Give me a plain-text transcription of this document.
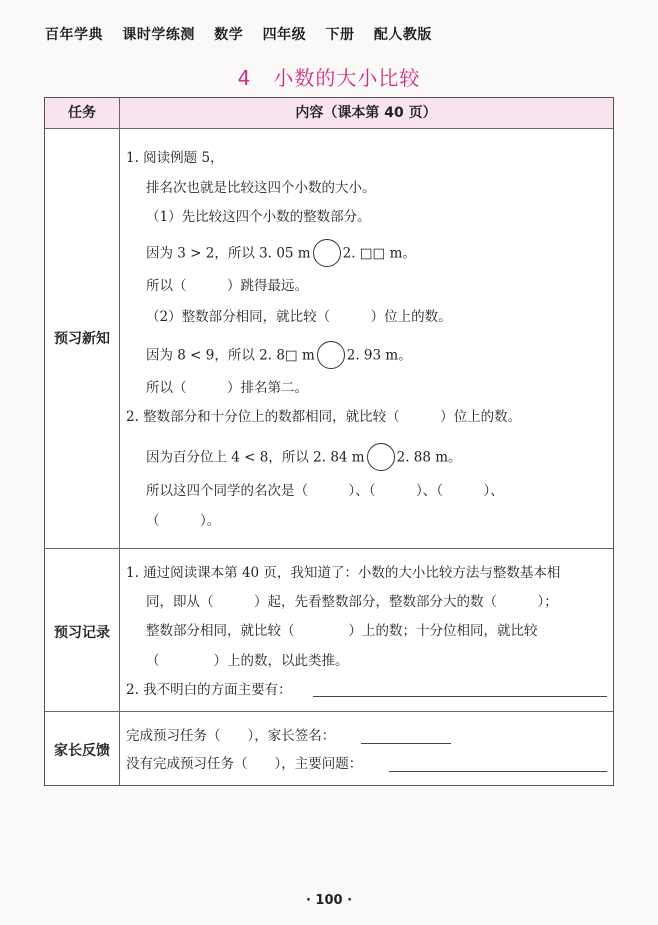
百年学典 课时学练测 数学 四年级 下册 配人教版
4 小数的大小比较
任务	内容（课本第 40 页）
预习新知
1. 阅读例题 5，
排名次也就是比较这四个小数的大小。
（1）先比较这四个小数的整数部分。
因为 3 > 2，所以 3. 05 m 2. □□ m。
所以（　　　）跳得最远。
（2）整数部分相同，就比较（　　　）位上的数。
因为 8 < 9，所以 2. 8□ m 2. 93 m。
所以（　　　）排名第二。
2. 整数部分和十分位上的数都相同，就比较（　　　）位上的数。
因为百分位上 4 < 8，所以 2. 84 m 2. 88 m。
所以这四个同学的名次是（　　　）、（　　　）、（　　　）、
（　　　）。
预习记录
1. 通过阅读课本第 40 页，我知道了：小数的大小比较方法与整数基本相
同，即从（　　　）起，先看整数部分，整数部分大的数（　　　）；
整数部分相同，就比较（　　　　）上的数；十分位相同，就比较
（　　　　）上的数，以此类推。
2. 我不明白的方面主要有：
家长反馈
完成预习任务（　　），家长签名：
没有完成预习任务（　　），主要问题：
· 100 ·
